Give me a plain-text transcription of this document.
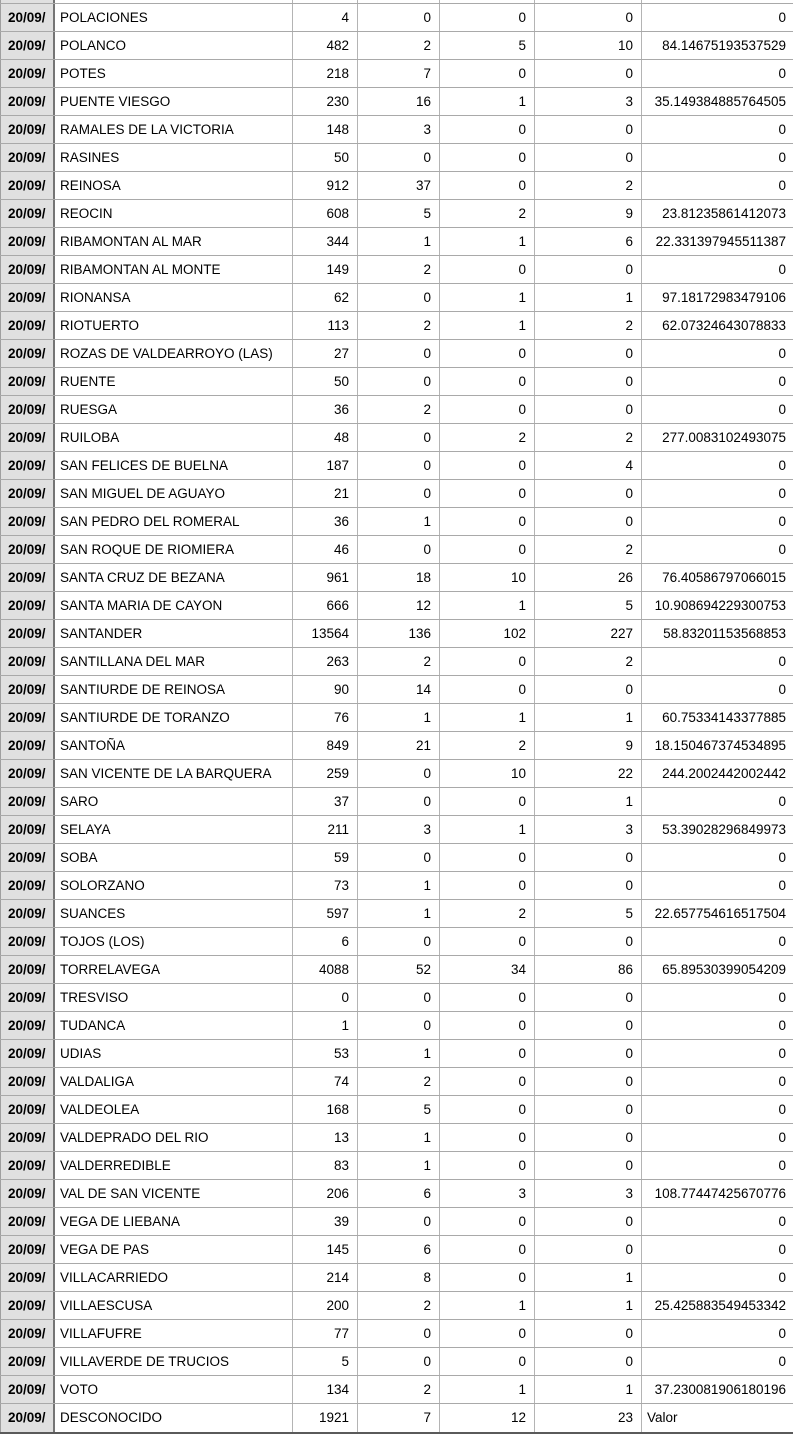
20/09/	POLACIONES	4	0	0	0	0
20/09/	POLANCO	482	2	5	10	84.14675193537529
20/09/	POTES	218	7	0	0	0
20/09/	PUENTE VIESGO	230	16	1	3	35.149384885764505
20/09/	RAMALES DE LA VICTORIA	148	3	0	0	0
20/09/	RASINES	50	0	0	0	0
20/09/	REINOSA	912	37	0	2	0
20/09/	REOCIN	608	5	2	9	23.81235861412073
20/09/	RIBAMONTAN AL MAR	344	1	1	6	22.331397945511387
20/09/	RIBAMONTAN AL MONTE	149	2	0	0	0
20/09/	RIONANSA	62	0	1	1	97.18172983479106
20/09/	RIOTUERTO	113	2	1	2	62.07324643078833
20/09/	ROZAS DE VALDEARROYO (LAS)	27	0	0	0	0
20/09/	RUENTE	50	0	0	0	0
20/09/	RUESGA	36	2	0	0	0
20/09/	RUILOBA	48	0	2	2	277.0083102493075
20/09/	SAN FELICES DE BUELNA	187	0	0	4	0
20/09/	SAN MIGUEL DE AGUAYO	21	0	0	0	0
20/09/	SAN PEDRO DEL ROMERAL	36	1	0	0	0
20/09/	SAN ROQUE DE RIOMIERA	46	0	0	2	0
20/09/	SANTA CRUZ DE BEZANA	961	18	10	26	76.40586797066015
20/09/	SANTA MARIA DE CAYON	666	12	1	5	10.908694229300753
20/09/	SANTANDER	13564	136	102	227	58.83201153568853
20/09/	SANTILLANA DEL MAR	263	2	0	2	0
20/09/	SANTIURDE DE REINOSA	90	14	0	0	0
20/09/	SANTIURDE DE TORANZO	76	1	1	1	60.75334143377885
20/09/	SANTOÑA	849	21	2	9	18.150467374534895
20/09/	SAN VICENTE DE LA BARQUERA	259	0	10	22	244.2002442002442
20/09/	SARO	37	0	0	1	0
20/09/	SELAYA	211	3	1	3	53.39028296849973
20/09/	SOBA	59	0	0	0	0
20/09/	SOLORZANO	73	1	0	0	0
20/09/	SUANCES	597	1	2	5	22.657754616517504
20/09/	TOJOS (LOS)	6	0	0	0	0
20/09/	TORRELAVEGA	4088	52	34	86	65.89530399054209
20/09/	TRESVISO	0	0	0	0	0
20/09/	TUDANCA	1	0	0	0	0
20/09/	UDIAS	53	1	0	0	0
20/09/	VALDALIGA	74	2	0	0	0
20/09/	VALDEOLEA	168	5	0	0	0
20/09/	VALDEPRADO DEL RIO	13	1	0	0	0
20/09/	VALDERREDIBLE	83	1	0	0	0
20/09/	VAL DE SAN VICENTE	206	6	3	3	108.77447425670776
20/09/	VEGA DE LIEBANA	39	0	0	0	0
20/09/	VEGA DE PAS	145	6	0	0	0
20/09/	VILLACARRIEDO	214	8	0	1	0
20/09/	VILLAESCUSA	200	2	1	1	25.425883549453342
20/09/	VILLAFUFRE	77	0	0	0	0
20/09/	VILLAVERDE DE TRUCIOS	5	0	0	0	0
20/09/	VOTO	134	2	1	1	37.230081906180196
20/09/	DESCONOCIDO	1921	7	12	23	Valor
